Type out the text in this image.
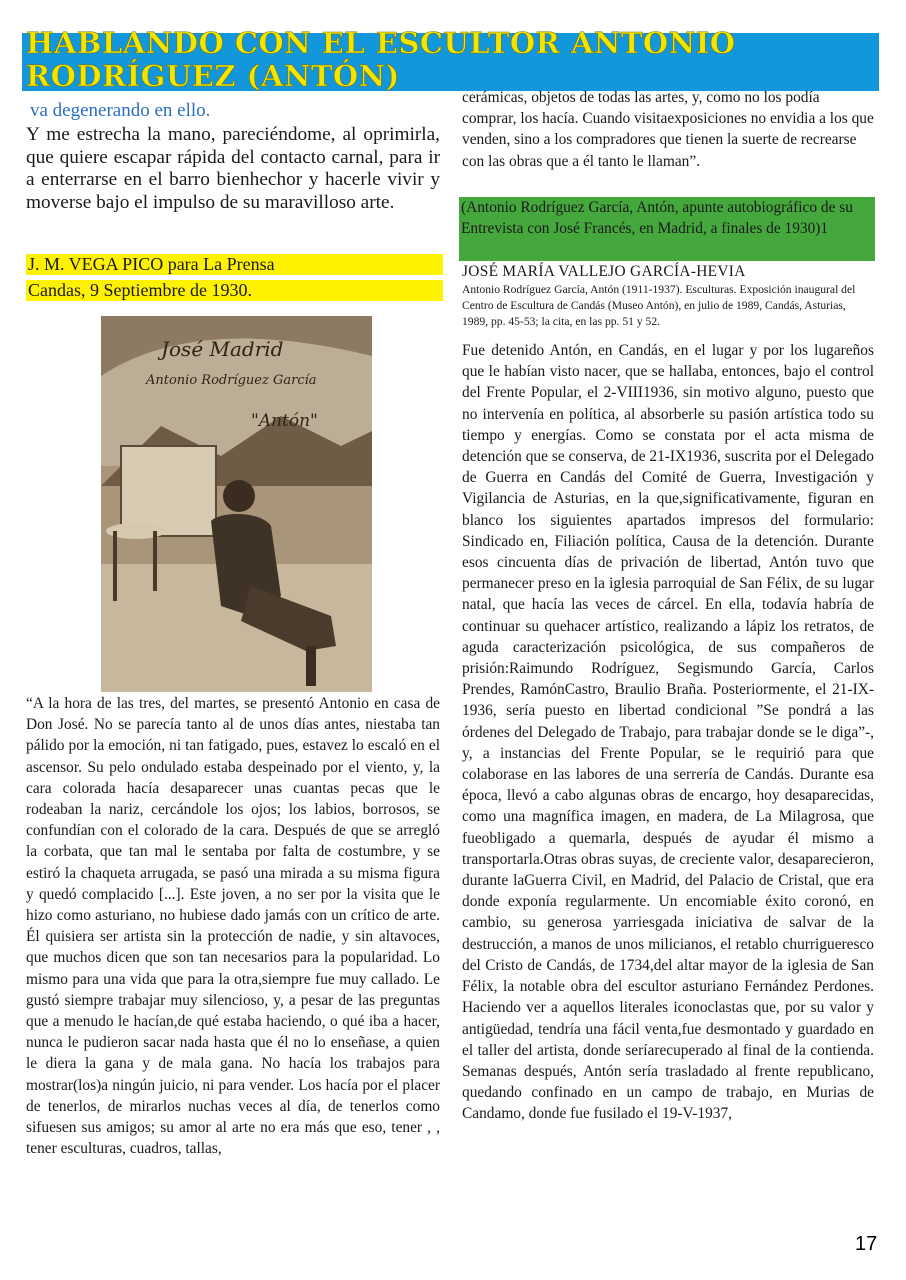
HABLANDO CON EL ESCULTOR ANTONIO
RODRÍGUEZ (ANTÓN)
va degenerando en ello.
Y me estrecha la mano, pareciéndome, al oprimirla, que quiere escapar rápida del contacto carnal, para ir a enterrarse en el barro bienhechor y hacerle vivir y moverse bajo el impulso de su maravilloso arte.
J. M. VEGA PICO para La Prensa
Candas, 9 Septiembre de 1930.
José Madrid
Antonio Rodríguez García
"Antón"
“A la hora de las tres, del martes, se presentó Antonio en casa de Don José. No se parecía tanto al de unos días antes, niestaba tan pálido por la emoción, ni tan fatigado, pues, estavez lo escaló en el ascensor. Su pelo ondulado estaba despeinado por el viento, y, la cara colorada hacía desaparecer unas cuantas pecas que le rodeaban la nariz, cercándole los ojos; los labios, borrosos, se confundían con el colorado de la cara. Después de que se arregló la corbata, que tan mal le sentaba por falta de costumbre, y se estiró la chaqueta arrugada, se pasó una mirada a su misma figura y quedó complacido [...]. Este joven, a no ser por la visita que le hizo como asturiano, no hubiese dado jamás con un crítico de arte. Él quisiera ser artista sin la protección de nadie, y sin altavoces, que muchos dicen que son tan necesarios para la popularidad. Lo mismo para una vida que para la otra,siempre fue muy callado. Le gustó siempre trabajar muy silencioso, y, a pesar de las preguntas que a menudo le hacían,de qué estaba haciendo, o qué iba a hacer, nunca le pudieron sacar nada hasta que él no lo enseñase, a quien le diera la gana y de mala gana. No hacía los trabajos para mostrar(los)a ningún juicio, ni para vender. Los hacía por el placer de tenerlos, de mirarlos nuchas veces al día, de tenerlos como sifuesen sus amigos; su amor al arte no era más que eso, tener , , tener esculturas, cuadros, tallas,
cerámicas, objetos de todas las artes, y, como no los podía comprar, los hacía. Cuando visitaexposiciones no envidia a los que venden, sino a los compradores que tienen la suerte de recrearse con las obras que a él tanto le llaman”.
(Antonio Rodríguez García, Antón, apunte autobiográfico de su Entrevista con José Francés, en Madrid, a finales de 1930)1
JOSÉ MARÍA VALLEJO GARCÍA-HEVIA
Antonio Rodríguez García, Antón (1911-1937). Esculturas. Exposición inaugural del Centro de Escultura de Candás (Museo Antón), en julio de 1989, Candás, Asturias, 1989, pp. 45-53; la cita, en las pp. 51 y 52.
Fue detenido Antón, en Candás, en el lugar y por los lugareños que le habían visto nacer, que se hallaba, entonces, bajo el control del Frente Popular, el 2-VIII1936, sin motivo alguno, puesto que no intervenía en política, al absorberle su pasión artística todo su tiempo y energías. Como se constata por el acta misma de detención que se conserva, de 21-IX1936, suscrita por el Delegado de Guerra en Candás del Comité de Guerra, Investigación y Vigilancia de Asturias, en la que,significativamente, figuran en blanco los siguientes apartados impresos del formulario: Sindicado en, Filiación política, Causa de la detención. Durante esos cincuenta días de privación de libertad, Antón tuvo que permanecer preso en la iglesia parroquial de San Félix, de su lugar natal, que hacía las veces de cárcel. En ella, todavía habría de continuar su quehacer artístico, realizando a lápiz los retratos, de aguda caracterización psicológica, de sus compañeros de prisión:Raimundo Rodríguez, Segismundo García, Carlos Prendes, RamónCastro, Braulio Braña. Posteriormente, el 21-IX-1936, sería puesto en libertad condicional ”Se pondrá a las órdenes del Delegado de Trabajo, para trabajar donde se le diga”-, y, a instancias del Frente Popular, se le requirió para que colaborase en las labores de una serrería de Candás. Durante esa época, llevó a cabo algunas obras de encargo, hoy desaparecidas, como una magnífica imagen, en madera, de La Milagrosa, que fueobligado a quemarla, después de ayudar él mismo a transportarla.Otras obras suyas, de creciente valor, desaparecieron, durante laGuerra Civil, en Madrid, del Palacio de Cristal, que era donde exponía regularmente. Un encomiable éxito coronó, en cambio, su generosa yarriesgada iniciativa de salvar de la destrucción, a manos de unos milicianos, el retablo churrigueresco del Cristo de Candás, de 1734,del altar mayor de la iglesia de San Félix, la notable obra del escultor asturiano Fernández Perdones. Haciendo ver a aquellos literales iconoclastas que, por su valor y antigüedad, tendría una fácil venta,fue desmontado y guardado en el taller del artista, donde seríarecuperado al final de la contienda. Semanas después, Antón sería trasladado al frente republicano, quedando confinado en un campo de trabajo, en Murias de Candamo, donde fue fusilado el 19-V-1937,
17
